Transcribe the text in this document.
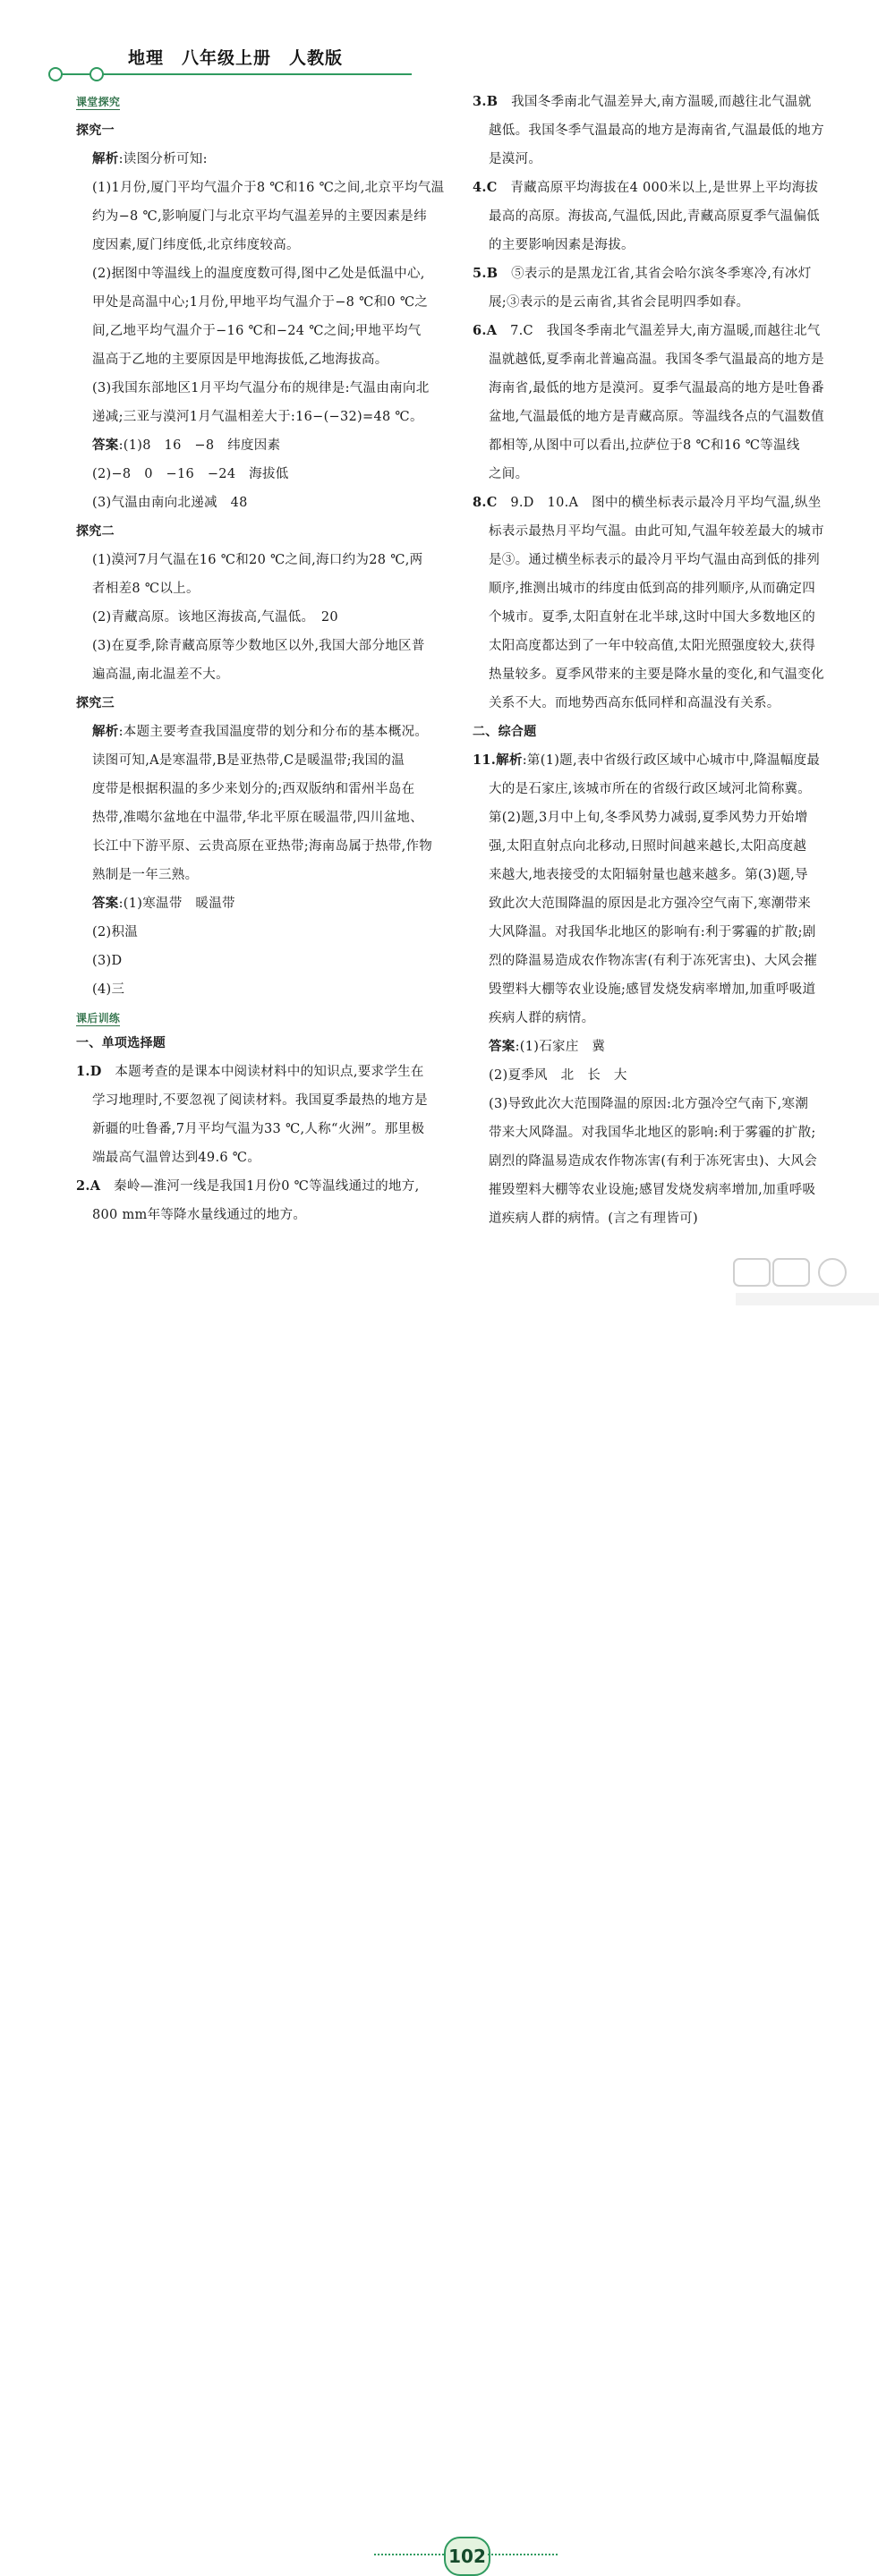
地理　八年级上册　人教版
课堂探究
探究一
解析:读图分析可知:
(1)1月份,厦门平均气温介于8 ℃和16 ℃之间,北京平均气温
约为−8 ℃,影响厦门与北京平均气温差异的主要因素是纬
度因素,厦门纬度低,北京纬度较高。
(2)据图中等温线上的温度度数可得,图中乙处是低温中心,
甲处是高温中心;1月份,甲地平均气温介于−8 ℃和0 ℃之
间,乙地平均气温介于−16 ℃和−24 ℃之间;甲地平均气
温高于乙地的主要原因是甲地海拔低,乙地海拔高。
(3)我国东部地区1月平均气温分布的规律是:气温由南向北
递减;三亚与漠河1月气温相差大于:16−(−32)=48 ℃。
答案:(1)8　16　−8　纬度因素
(2)−8　0　−16　−24　海拔低
(3)气温由南向北递减　48
探究二
(1)漠河7月气温在16 ℃和20 ℃之间,海口约为28 ℃,两
者相差8 ℃以上。
(2)青藏高原。该地区海拔高,气温低。　20
(3)在夏季,除青藏高原等少数地区以外,我国大部分地区普
遍高温,南北温差不大。
探究三
解析:本题主要考查我国温度带的划分和分布的基本概况。
读图可知,A是寒温带,B是亚热带,C是暖温带;我国的温
度带是根据积温的多少来划分的;西双版纳和雷州半岛在
热带,准噶尔盆地在中温带,华北平原在暖温带,四川盆地、
长江中下游平原、云贵高原在亚热带;海南岛属于热带,作物
熟制是一年三熟。
答案:(1)寒温带　暖温带
(2)积温
(3)D
(4)三
课后训练
一、单项选择题
1.D　本题考查的是课本中阅读材料中的知识点,要求学生在
学习地理时,不要忽视了阅读材料。我国夏季最热的地方是
新疆的吐鲁番,7月平均气温为33 ℃,人称“火洲”。那里极
端最高气温曾达到49.6 ℃。
2.A　秦岭—淮河一线是我国1月份0 ℃等温线通过的地方,
800 mm年等降水量线通过的地方。
3.B　我国冬季南北气温差异大,南方温暖,而越往北气温就
越低。我国冬季气温最高的地方是海南省,气温最低的地方
是漠河。
4.C　青藏高原平均海拔在4 000米以上,是世界上平均海拔
最高的高原。海拔高,气温低,因此,青藏高原夏季气温偏低
的主要影响因素是海拔。
5.B　⑤表示的是黑龙江省,其省会哈尔滨冬季寒冷,有冰灯
展;③表示的是云南省,其省会昆明四季如春。
6.A　7.C　我国冬季南北气温差异大,南方温暖,而越往北气
温就越低,夏季南北普遍高温。我国冬季气温最高的地方是
海南省,最低的地方是漠河。夏季气温最高的地方是吐鲁番
盆地,气温最低的地方是青藏高原。等温线各点的气温数值
都相等,从图中可以看出,拉萨位于8 ℃和16 ℃等温线
之间。
8.C　9.D　10.A　图中的横坐标表示最冷月平均气温,纵坐
标表示最热月平均气温。由此可知,气温年较差最大的城市
是③。通过横坐标表示的最冷月平均气温由高到低的排列
顺序,推测出城市的纬度由低到高的排列顺序,从而确定四
个城市。夏季,太阳直射在北半球,这时中国大多数地区的
太阳高度都达到了一年中较高值,太阳光照强度较大,获得
热量较多。夏季风带来的主要是降水量的变化,和气温变化
关系不大。而地势西高东低同样和高温没有关系。
二、综合题
11.解析:第(1)题,表中省级行政区域中心城市中,降温幅度最
大的是石家庄,该城市所在的省级行政区域河北简称冀。
第(2)题,3月中上旬,冬季风势力减弱,夏季风势力开始增
强,太阳直射点向北移动,日照时间越来越长,太阳高度越
来越大,地表接受的太阳辐射量也越来越多。第(3)题,导
致此次大范围降温的原因是北方强冷空气南下,寒潮带来
大风降温。对我国华北地区的影响有:利于雾霾的扩散;剧
烈的降温易造成农作物冻害(有利于冻死害虫)、大风会摧
毁塑料大棚等农业设施;感冒发烧发病率增加,加重呼吸道
疾病人群的病情。
答案:(1)石家庄　冀
(2)夏季风　北　长　大
(3)导致此次大范围降温的原因:北方强冷空气南下,寒潮
带来大风降温。对我国华北地区的影响:利于雾霾的扩散;
剧烈的降温易造成农作物冻害(有利于冻死害虫)、大风会
摧毁塑料大棚等农业设施;感冒发烧发病率增加,加重呼吸
道疾病人群的病情。(言之有理皆可)
102
